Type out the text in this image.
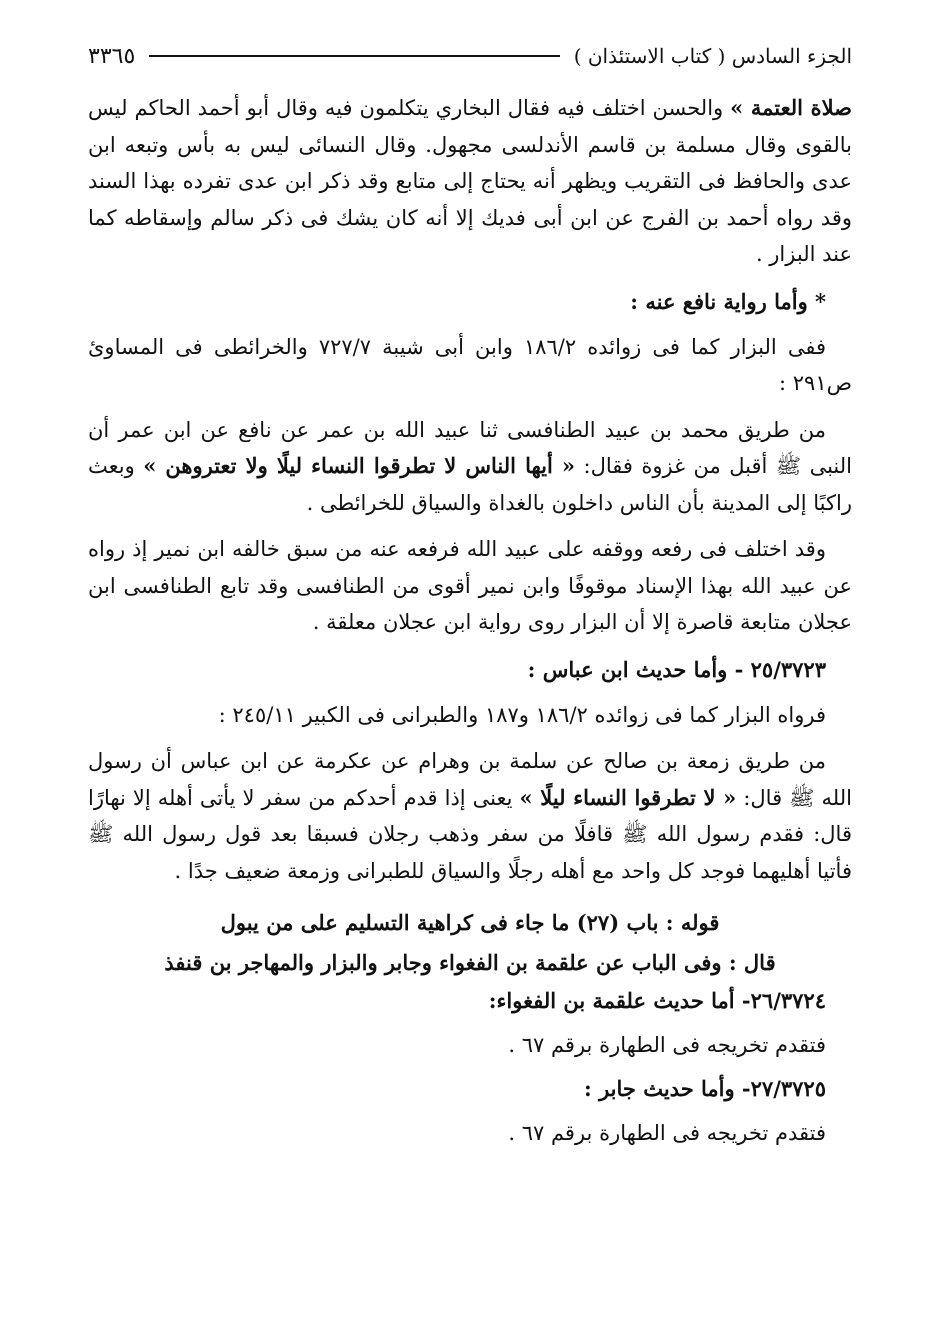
الجزء السادس ( كتاب الاستئذان )
٣٣٦٥

صلاة العتمة » والحسن اختلف فيه فقال البخاري يتكلمون فيه وقال أبو أحمد الحاكم ليس بالقوى وقال مسلمة بن قاسم الأندلسى مجهول. وقال النسائى ليس به بأس وتبعه ابن عدى والحافظ فى التقريب ويظهر أنه يحتاج إلى متابع وقد ذكر ابن عدى تفرده بهذا السند وقد رواه أحمد بن الفرج عن ابن أبى فديك إلا أنه كان يشك فى ذكر سالم وإسقاطه كما عند البزار .

* وأما رواية نافع عنه :

ففى البزار كما فى زوائده ١٨٦/٢ وابن أبى شيبة ٧٢٧/٧ والخرائطى فى المساوئ ص٢٩١ :

من طريق محمد بن عبيد الطنافسى ثنا عبيد الله بن عمر عن نافع عن ابن عمر أن النبى ﷺ أقبل من غزوة فقال: « أيها الناس لا تطرقوا النساء ليلًا ولا تعتروهن » وبعث راكبًا إلى المدينة بأن الناس داخلون بالغداة والسياق للخرائطى .

وقد اختلف فى رفعه ووقفه على عبيد الله فرفعه عنه من سبق خالفه ابن نمير إذ رواه عن عبيد الله بهذا الإسناد موقوفًا وابن نمير أقوى من الطنافسى وقد تابع الطنافسى ابن عجلان متابعة قاصرة إلا أن البزار روى رواية ابن عجلان معلقة .

٢٥/٣٧٢٣ - وأما حديث ابن عباس :

فرواه البزار كما فى زوائده ١٨٦/٢ و١٨٧ والطبرانى فى الكبير ٢٤٥/١١ :

من طريق زمعة بن صالح عن سلمة بن وهرام عن عكرمة عن ابن عباس أن رسول الله ﷺ قال: « لا تطرقوا النساء ليلًا » يعنى إذا قدم أحدكم من سفر لا يأتى أهله إلا نهارًا قال: فقدم رسول الله ﷺ قافلًا من سفر وذهب رجلان فسبقا بعد قول رسول الله ﷺ فأتيا أهليهما فوجد كل واحد مع أهله رجلًا والسياق للطبرانى وزمعة ضعيف جدًا .

قوله : باب (٢٧) ما جاء فى كراهية التسليم على من يبول
قال : وفى الباب عن علقمة بن الفغواء وجابر والبزار والمهاجر بن قنفذ
٢٦/٣٧٢٤- أما حديث علقمة بن الفغواء:
فتقدم تخريجه فى الطهارة برقم ٦٧ .
٢٧/٣٧٢٥- وأما حديث جابر :
فتقدم تخريجه فى الطهارة برقم ٦٧ .
